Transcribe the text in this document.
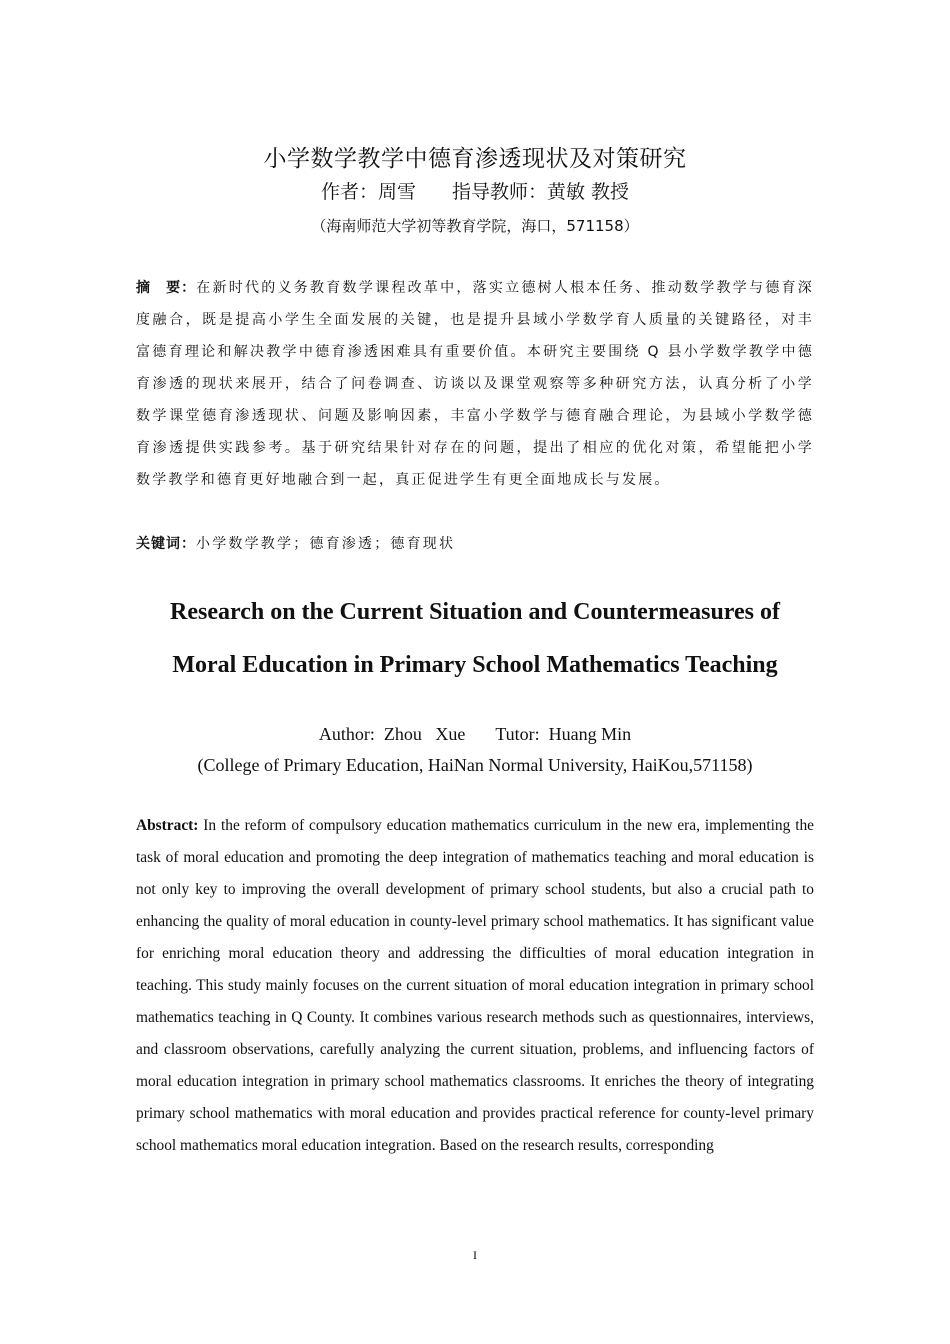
小学数学教学中德育渗透现状及对策研究
作者：周雪 指导教师：黄敏 教授
（海南师范大学初等教育学院，海口，571158）
摘　要：在新时代的义务教育数学课程改革中，落实立德树人根本任务、推动数学教学与德育深度融合，既是提高小学生全面发展的关键，也是提升县域小学数学育人质量的关键路径，对丰富德育理论和解决教学中德育渗透困难具有重要价值。本研究主要围绕 Q 县小学数学教学中德育渗透的现状来展开，结合了问卷调查、访谈以及课堂观察等多种研究方法，认真分析了小学数学课堂德育渗透现状、问题及影响因素，丰富小学数学与德育融合理论，为县域小学数学德育渗透提供实践参考。基于研究结果针对存在的问题，提出了相应的优化对策，希望能把小学数学教学和德育更好地融合到一起，真正促进学生有更全面地成长与发展。
关键词：小学数学教学；德育渗透；德育现状
Research on the Current Situation and Countermeasures of
Moral Education in Primary School Mathematics Teaching
Author:  Zhou   Xue Tutor:  Huang Min
(College of Primary Education, HaiNan Normal University, HaiKou,571158)
Abstract: In the reform of compulsory education mathematics curriculum in the new era, implementing the task of moral education and promoting the deep integration of mathematics teaching and moral education is not only key to improving the overall development of primary school students, but also a crucial path to enhancing the quality of moral education in county-level primary school mathematics. It has significant value for enriching moral education theory and addressing the difficulties of moral education integration in teaching. This study mainly focuses on the current situation of moral education integration in primary school mathematics teaching in Q County. It combines various research methods such as questionnaires, interviews, and classroom observations, carefully analyzing the current situation, problems, and influencing factors of moral education integration in primary school mathematics classrooms. It enriches the theory of integrating primary school mathematics with moral education and provides practical reference for county-level primary school mathematics moral education integration. Based on the research results, corresponding
I
